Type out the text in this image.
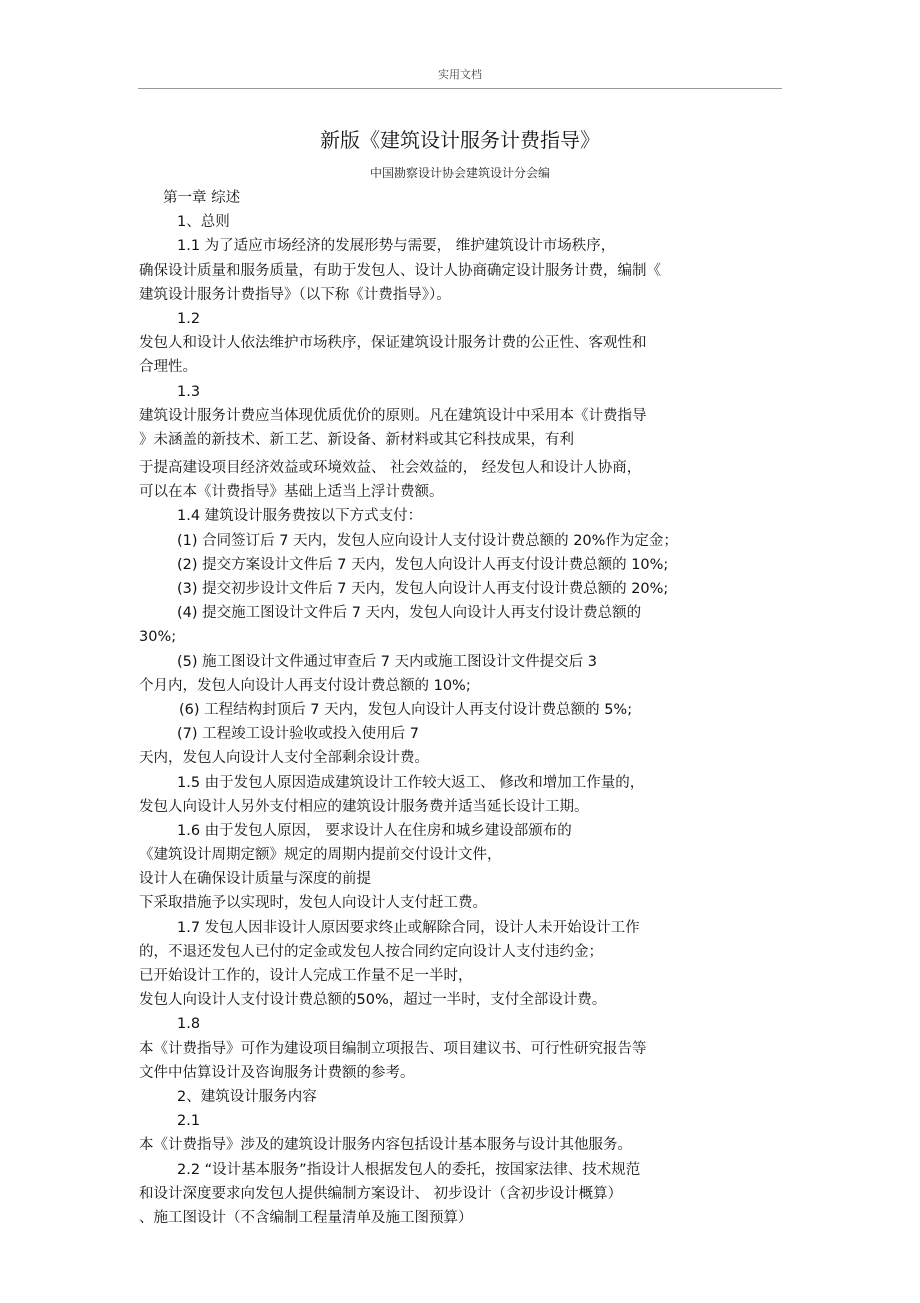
实用文档
新版《建筑设计服务计费指导》
中国勘察设计协会建筑设计分会编
第一章 综述
1、总则
1.1 为了适应市场经济的发展形势与需要， 维护建筑设计市场秩序，
确保设计质量和服务质量，有助于发包人、设计人协商确定设计服务计费，编制《
建筑设计服务计费指导》（以下称《计费指导》）。
1.2
发包人和设计人依法维护市场秩序，保证建筑设计服务计费的公正性、客观性和
合理性。
1.3
建筑设计服务计费应当体现优质优价的原则。凡在建筑设计中采用本《计费指导
》未涵盖的新技术、新工艺、新设备、新材料或其它科技成果，有利
于提高建设项目经济效益或环境效益、 社会效益的， 经发包人和设计人协商，
可以在本《计费指导》基础上适当上浮计费额。
1.4 建筑设计服务费按以下方式支付：
(1) 合同签订后 7 天内，发包人应向设计人支付设计费总额的 20%作为定金；
(2) 提交方案设计文件后 7 天内，发包人向设计人再支付设计费总额的 10%;
(3) 提交初步设计文件后 7 天内，发包人向设计人再支付设计费总额的 20%;
(4) 提交施工图设计文件后 7 天内，发包人向设计人再支付设计费总额的
30%;
(5) 施工图设计文件通过审查后 7 天内或施工图设计文件提交后 3
个月内，发包人向设计人再支付设计费总额的 10%;
(6) 工程结构封顶后 7 天内，发包人向设计人再支付设计费总额的 5%;
(7) 工程竣工设计验收或投入使用后 7
天内，发包人向设计人支付全部剩余设计费。
1.5 由于发包人原因造成建筑设计工作较大返工、 修改和增加工作量的，
发包人向设计人另外支付相应的建筑设计服务费并适当延长设计工期。
1.6 由于发包人原因， 要求设计人在住房和城乡建设部颁布的
《建筑设计周期定额》规定的周期内提前交付设计文件，
设计人在确保设计质量与深度的前提
下采取措施予以实现时，发包人向设计人支付赶工费。
1.7 发包人因非设计人原因要求终止或解除合同，设计人未开始设计工作
的，不退还发包人已付的定金或发包人按合同约定向设计人支付违约金；
已开始设计工作的，设计人完成工作量不足一半时，
发包人向设计人支付设计费总额的50%，超过一半时，支付全部设计费。
1.8
本《计费指导》可作为建设项目编制立项报告、项目建议书、可行性研究报告等
文件中估算设计及咨询服务计费额的参考。
2、建筑设计服务内容
2.1
本《计费指导》涉及的建筑设计服务内容包括设计基本服务与设计其他服务。
2.2 “设计基本服务”指设计人根据发包人的委托，按国家法律、技术规范
和设计深度要求向发包人提供编制方案设计、 初步设计（含初步设计概算）
、施工图设计（不含编制工程量清单及施工图预算）
